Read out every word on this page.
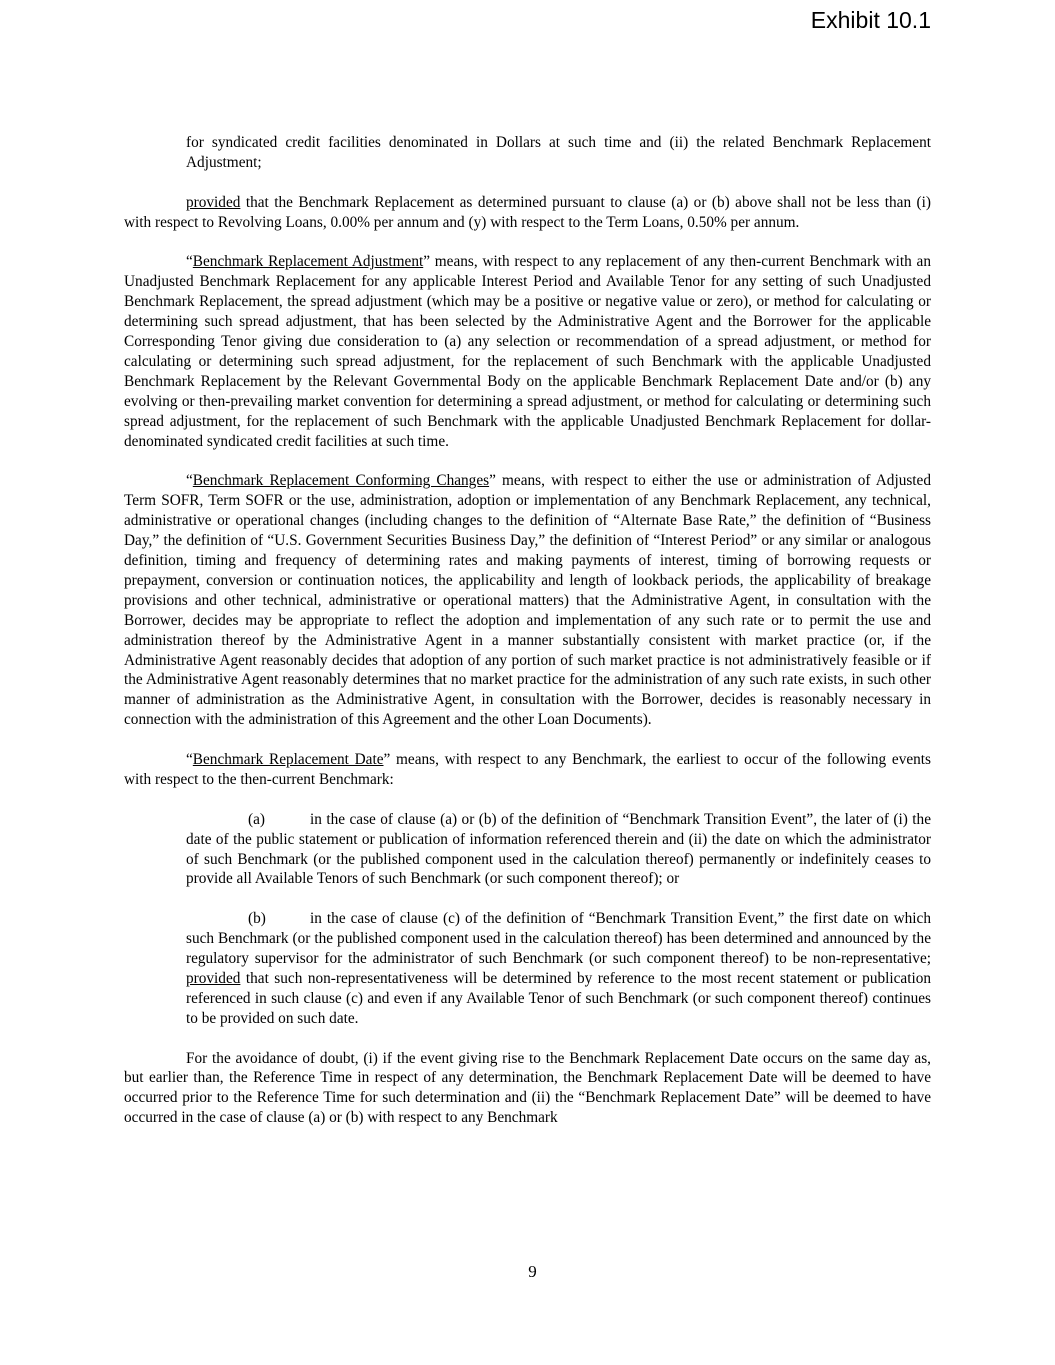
Exhibit 10.1

for syndicated credit facilities denominated in Dollars at such time and (ii) the related Benchmark Replacement Adjustment;

provided that the Benchmark Replacement as determined pursuant to clause (a) or (b) above shall not be less than (i) with respect to Revolving Loans, 0.00% per annum and (y) with respect to the Term Loans, 0.50% per annum.

“Benchmark Replacement Adjustment” means, with respect to any replacement of any then-current Benchmark with an Unadjusted Benchmark Replacement for any applicable Interest Period and Available Tenor for any setting of such Unadjusted Benchmark Replacement, the spread adjustment (which may be a positive or negative value or zero), or method for calculating or determining such spread adjustment, that has been selected by the Administrative Agent and the Borrower for the applicable Corresponding Tenor giving due consideration to (a) any selection or recommendation of a spread adjustment, or method for calculating or determining such spread adjustment, for the replacement of such Benchmark with the applicable Unadjusted Benchmark Replacement by the Relevant Governmental Body on the applicable Benchmark Replacement Date and/or (b) any evolving or then-prevailing market convention for determining a spread adjustment, or method for calculating or determining such spread adjustment, for the replacement of such Benchmark with the applicable Unadjusted Benchmark Replacement for dollar- denominated syndicated credit facilities at such time.

“Benchmark Replacement Conforming Changes” means, with respect to either the use or administration of Adjusted Term SOFR, Term SOFR or the use, administration, adoption or implementation of any Benchmark Replacement, any technical, administrative or operational changes (including changes to the definition of “Alternate Base Rate,” the definition of “Business Day,” the definition of “U.S. Government Securities Business Day,” the definition of “Interest Period” or any similar or analogous definition, timing and frequency of determining rates and making payments of interest, timing of borrowing requests or prepayment, conversion or continuation notices, the applicability and length of lookback periods, the applicability of breakage provisions and other technical, administrative or operational matters) that the Administrative Agent, in consultation with the Borrower, decides may be appropriate to reflect the adoption and implementation of any such rate or to permit the use and administration thereof by the Administrative Agent in a manner substantially consistent with market practice (or, if the Administrative Agent reasonably decides that adoption of any portion of such market practice is not administratively feasible or if the Administrative Agent reasonably determines that no market practice for the administration of any such rate exists, in such other manner of administration as the Administrative Agent, in consultation with the Borrower, decides is reasonably necessary in connection with the administration of this Agreement and the other Loan Documents).

“Benchmark Replacement Date” means, with respect to any Benchmark, the earliest to occur of the following events with respect to the then-current Benchmark:

(a)	in the case of clause (a) or (b) of the definition of “Benchmark Transition Event”, the later of (i) the date of the public statement or publication of information referenced therein and (ii) the date on which the administrator of such Benchmark (or the published component used in the calculation thereof) permanently or indefinitely ceases to provide all Available Tenors of such Benchmark (or such component thereof); or

(b)	in the case of clause (c) of the definition of “Benchmark Transition Event,” the first date on which such Benchmark (or the published component used in the calculation thereof) has been determined and announced by the regulatory supervisor for the administrator of such Benchmark (or such component thereof) to be non-representative; provided that such non-representativeness will be determined by reference to the most recent statement or publication referenced in such clause (c) and even if any Available Tenor of such Benchmark (or such component thereof) continues to be provided on such date.

For the avoidance of doubt, (i) if the event giving rise to the Benchmark Replacement Date occurs on the same day as, but earlier than, the Reference Time in respect of any determination, the Benchmark Replacement Date will be deemed to have occurred prior to the Reference Time for such determination and (ii) the “Benchmark Replacement Date” will be deemed to have occurred in the case of clause (a) or (b) with respect to any Benchmark

9
